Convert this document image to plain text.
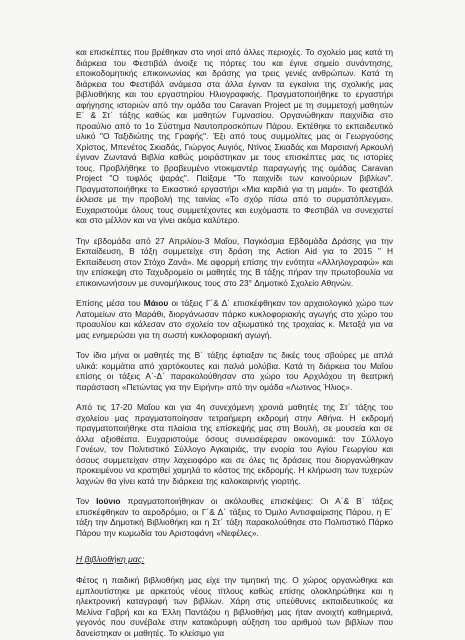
και επισκέπτες που βρέθηκαν στο νησί από άλλες περιοχές. Το σχολείο μας κατά τη διάρκεια του Φεστιβάλ άνοιξε τις πόρτες του και έγινε σημείο συνάντησης, εποικοδομητικής επικοινωνίας και δράσης για τρεις γενιές ανθρώπων. Κατά τη διάρκεια του Φεστιβάλ ανάμεσα στα άλλα έγιναν τα εγκαίνια της σχολικής μας βιβλιοθήκης και του εργαστηρίου Ηλιογραφικής. Πραγματοποιήθηκε το εργαστήρι αφήγησης ιστοριών από την ομάδα του Caravan Project με τη συμμετοχή μαθητών Ε΄ & Στ΄ τάξης καθώς και μαθητών Γυμνασίου. Οργανώθηκαν παιχνίδια στο προαύλιο από το 1ο Σύστημα Ναυτοπροσκόπων Πάρου. Εκτέθηκε το εκπαιδευτικό υλικό "Ο Ταξιδιώτης της Γραφής". Έξι από τους συμμολίτες μας οι Γεωργούσης Χρίστος, Μπενέτος Σκιαδάς, Γιώργος Αυγιός, Ντίνος Σκιαδάς και Μαρσιανή Αρκουλή έγιναν Ζωντανά Βιβλία καθώς μοιράστηκαν με τους επισκέπτες μας τις ιστορίες τους. Προβλήθηκε το βραβευμένο ντοκιμαντέρ παραγωγής της ομάδας Caravan Project "Ο τυφλός ψαράς". Παίξαμε "Το παιχνίδι των καινούριων βιβλίων". Πραγματοποιήθηκε το Εικαστικό εργαστήρι «Μια καρδιά για τη μαμά». Το φεστιβάλ έκλεισε με την προβολή της ταινίας «Το σχόρ πίσω από το συρματόπλεγμα». Ευχαριστούμε όλους τους συμμετέχοντες και ευχόμαστε το Φεστιβάλ να συνεχιστεί και στο μέλλον και να γίνει ακόμα καλύτερο.

Την εβδομάδα από 27 Απριλίου-3 Μαΐου, Παγκόσμια Εβδομάδα Δράσης για την Εκπαίδευση, Β τάξη συμμετείχε στη δράση της Action Aid για το 2015 " Η Εκπαίδευση στον Στόχο Ζανά». Με αφορμή επίσης την ενότητα «Αλληλογραφώ» και την επίσκεψη στο Ταχυδρομείο οι μαθητές της Β τάξης πήραν την πρωτοβουλία να επικοινωνήσουν με συνομήλικους τους στο 23° Δημοτικό Σχολείο Αθηνών.

Επίσης μέσα του Μάιου οι τάξεις Γ΄& Δ΄ επισκέφθηκαν τον αρχαιολογικό χώρο των Λατομείων στο Μαράθι, διοργάνωσαν πάρκο κυκλοφοριακής αγωγής στο χώρο του προαυλίου και κάλεσαν στο σχολείο τον αξιωματικό της τροχαίας κ. Μεταξά για να μας ενημερώσει για τη σωστή κυκλοφοριακή αγωγή.

Τον ίδιο μήνα οι μαθητές της Β΄ τάξης έφτιαξαν τις δικές τους σβούρες με απλά υλικά: κομμάτια από χαρτόκουτες και παλιά μολύβια. Κατά τη διάρκεια του Μαΐου επίσης οι τάξεις Α΄-Δ΄ παρακολούθησαν στο χώρο του Αρχιλόχου τη θεατρική παράσταση «Πετώντας για την Ειρήνη» από την ομάδα «Λωτινος Ήλιος».

Από τις 17-20 Μαΐου και για 4η συνεχόμενη χρονιά μαθητές της Στ΄ τάξης του σχολείου μας πραγματοποίησαν τετραήμερη εκδρομή στην Αθήνα. Η εκδρομή πραγματοποιήθηκε στα πλαίσια της επίσκεψής μας στη Βουλή, σε μουσεία και σε άλλα αξιοθέατα. Ευχαριστούμε όσους συνεισέφεραν οικονομικά: τον Σύλλογο Γονέων, τον Πολιτιστικό Σύλλογο Αγκαιριάς, την ενορία του Αγίου Γεωργίου και όσους συμμετείχαν στην λαχειοφόρο και σε όλες τις δράσεις που διοργανώθηκαν προκειμένου να κρατηθεί χαμηλά το κόστος της εκδρομής. Η κλήρωση των τυχερών λαχνών θα γίνει κατά την διάρκεια της καλοκαιρινής γιορτής.

Τον Ιούνιο πραγματοποιήθηκαν οι ακόλουθες επισκέψεις: Οι Α΄& Β΄ τάξεις επισκέφθηκαν το αεροδρόμιο, οι Γ΄& Δ΄ τάξεις το Όμιλο Αντισφαίρισης Πάρου, η Ε΄ τάξη την Δημοτική Βιβλιοθήκη και η Στ΄ τάξη παρακολούθησε στο Πολιτιστικό Πάρκο Πάρου την κωμωδία του Αριστοφάνη «Νεφέλες».

Η βιβλιοθήκη μας:

Φέτος η παιδική βιβλιοθήκη μας είχε την τιμητική της. Ο χώρος οργανώθηκε και εμπλουτίστηκε με αρκετούς νέους τίτλους καθώς επίσης ολοκληρώθηκε και η ηλεκτρονική καταγραφή των βιβλίων. Χάρη στις υπεύθυνες εκπαιδευτικούς κα Μελίνα Γαβρή και κα Έλλη Παντάζου η βιβλιοθήκη μας ήταν ανοιχτή καθημερινά, γεγονός που συνέβαλε στην κατακόρυφη αύξηση του αριθμού των βιβλίων που δανείστηκαν οι μαθητές. Το κλείσιμο για
